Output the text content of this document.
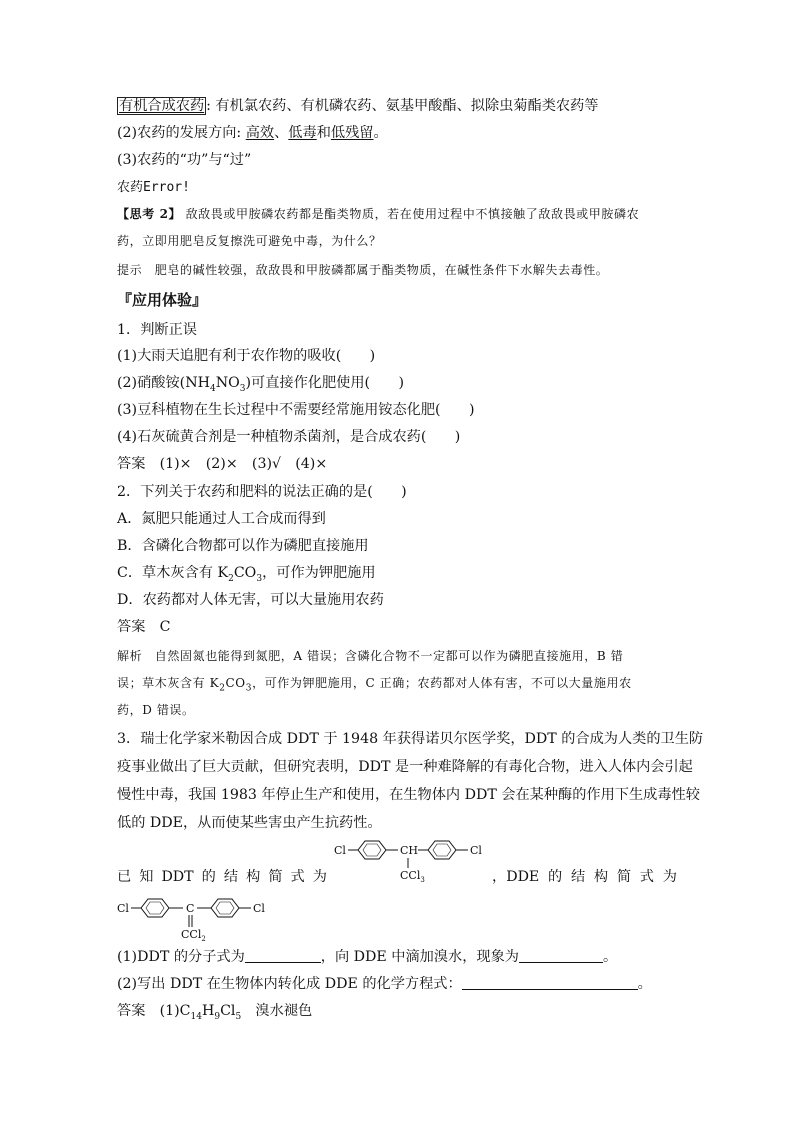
有机合成农药 : 有机氯农药、有机磷农药、氨基甲酸酯、拟除虫菊酯类农药等
(2)农药的发展方向: 高效、低毒和低残留。
(3)农药的“功”与“过”
农药Error!
【思考 2】 敌敌畏或甲胺磷农药都是酯类物质，若在使用过程中不慎接触了敌敌畏或甲胺磷农
药，立即用肥皂反复擦洗可避免中毒，为什么？
提示　肥皂的碱性较强，敌敌畏和甲胺磷都属于酯类物质，在碱性条件下水解失去毒性。
『应用体验』
1．判断正误
(1)大雨天追肥有利于农作物的吸收(　　)
(2)硝酸铵$(NH_4NO_3)$可直接作化肥使用(　　)
(3)豆科植物在生长过程中不需要经常施用铵态化肥(　　)
(4)石灰硫黄合剂是一种植物杀菌剂，是合成农药(　　)
答案　(1)×　(2)×　(3)√　(4)×
2．下列关于农药和肥料的说法正确的是(　　)
A．氮肥只能通过人工合成而得到
B．含磷化合物都可以作为磷肥直接施用
C．草木灰含有 $K_2CO_3$，可作为钾肥施用
D．农药都对人体无害，可以大量施用农药
答案　C
解析　自然固氮也能得到氮肥，A 错误；含磷化合物不一定都可以作为磷肥直接施用，B 错
误；草木灰含有 $K_2CO_3$，可作为钾肥施用，C 正确；农药都对人体有害，不可以大量施用农
药，D 错误。
3．瑞士化学家米勒因合成 DDT 于 1948 年获得诺贝尔医学奖，DDT 的合成为人类的卫生防
疫事业做出了巨大贡献，但研究表明，DDT 是一种难降解的有毒化合物，进入人体内会引起
慢性中毒，我国 1983 年停止生产和使用，在生物体内 DDT 会在某种酶的作用下生成毒性较
低的 DDE，从而使某些害虫产生抗药性。
Cl	CH	Cl
CCl$_3$
已 知 DDT 的 结 构 简 式 为	，DDE 的 结 构 简 式 为
Cl	C	Cl
CCl$_2$
(1)DDT 的分子式为	，向 DDE 中滴加溴水，现象为	。
(2)写出 DDT 在生物体内转化成 DDE 的化学方程式：	。
答案　$(1)C_{14}H_9Cl_5$　溴水褪色
